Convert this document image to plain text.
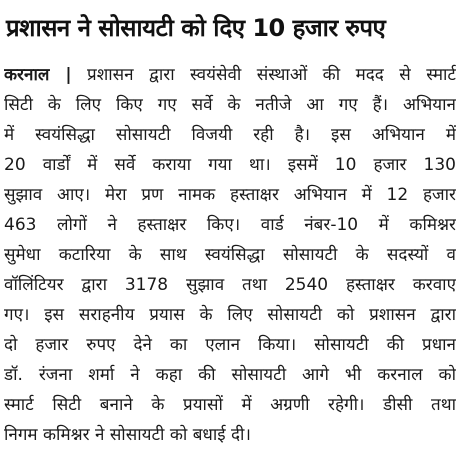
प्रशासन ने सोसायटी को दिए 10 हजार रुपए
करनाल | प्रशासन द्वारा स्वयंसेवी संस्थाओं की मदद से स्मार्ट
सिटी के लिए किए गए सर्वे के नतीजे आ गए हैं। अभियान
में स्वयंसिद्धा सोसायटी विजयी रही है। इस अभियान में
20 वार्डों में सर्वे कराया गया था। इसमें 10 हजार 130
सुझाव आए। मेरा प्रण नामक हस्ताक्षर अभियान में 12 हजार
463 लोगों ने हस्ताक्षर किए। वार्ड नंबर-10 में कमिश्नर
सुमेधा कटारिया के साथ स्वयंसिद्धा सोसायटी के सदस्यों व
वॉलिंटियर द्वारा 3178 सुझाव तथा 2540 हस्ताक्षर करवाए
गए। इस सराहनीय प्रयास के लिए सोसायटी को प्रशासन द्वारा
दो हजार रुपए देने का एलान किया। सोसायटी की प्रधान
डॉ. रंजना शर्मा ने कहा की सोसायटी आगे भी करनाल को
स्मार्ट सिटी बनाने के प्रयासों में अग्रणी रहेगी। डीसी तथा
निगम कमिश्नर ने सोसायटी को बधाई दी।
